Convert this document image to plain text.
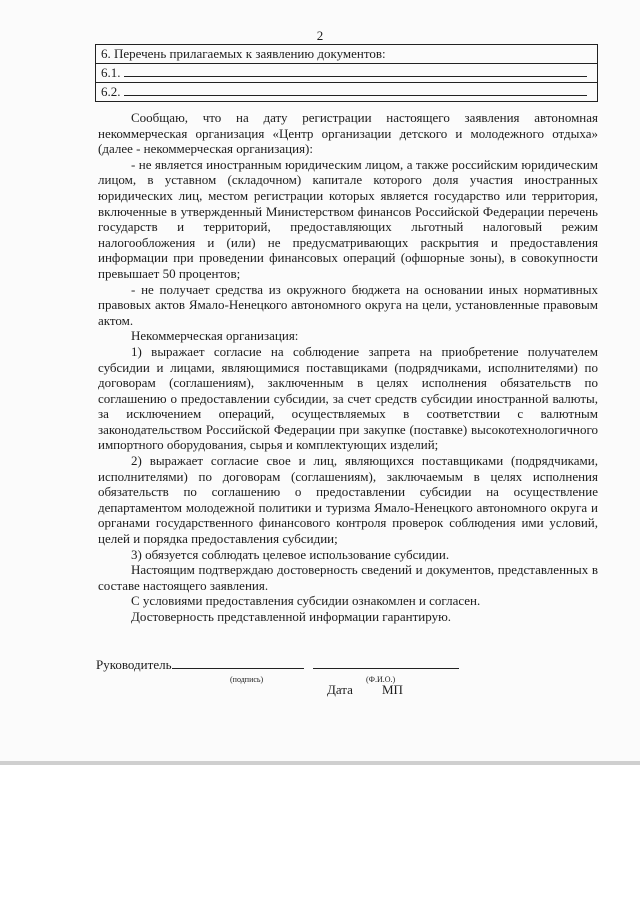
2
6. Перечень прилагаемых к заявлению документов:
6.1.
6.2.

Сообщаю, что на дату регистрации настоящего заявления автономная некоммерческая организация «Центр организации детского и молодежного отдыха» (далее - некоммерческая организация):

- не является иностранным юридическим лицом, а также российским юридическим лицом, в уставном (складочном) капитале которого доля участия иностранных юридических лиц, местом регистрации которых является государство или территория, включенные в утвержденный Министерством финансов Российской Федерации перечень государств и территорий, предоставляющих льготный налоговый режим налогообложения и (или) не предусматривающих раскрытия и предоставления информации при проведении финансовых операций (офшорные зоны), в совокупности превышает 50 процентов;

- не получает средства из окружного бюджета на основании иных нормативных правовых актов Ямало-Ненецкого автономного округа на цели, установленные правовым актом.

Некоммерческая организация:

1) выражает согласие на соблюдение запрета на приобретение получателем субсидии и лицами, являющимися поставщиками (подрядчиками, исполнителями) по договорам (соглашениям), заключенным в целях исполнения обязательств по соглашению о предоставлении субсидии, за счет средств субсидии иностранной валюты, за исключением операций, осуществляемых в соответствии с валютным законодательством Российской Федерации при закупке (поставке) высокотехнологичного импортного оборудования, сырья и комплектующих изделий;

2) выражает согласие свое и лиц, являющихся поставщиками (подрядчиками, исполнителями) по договорам (соглашениям), заключаемым в целях исполнения обязательств по соглашению о предоставлении субсидии на осуществление департаментом молодежной политики и туризма Ямало-Ненецкого автономного округа и органами государственного финансового контроля проверок соблюдения ими условий, целей и порядка предоставления субсидии;

3) обязуется соблюдать целевое использование субсидии.

Настоящим подтверждаю достоверность сведений и документов, представленных в составе настоящего заявления.

С условиями предоставления субсидии ознакомлен и согласен.

Достоверность представленной информации гарантирую.

Руководитель
(подпись)	(Ф.И.О.)
Дата МП
